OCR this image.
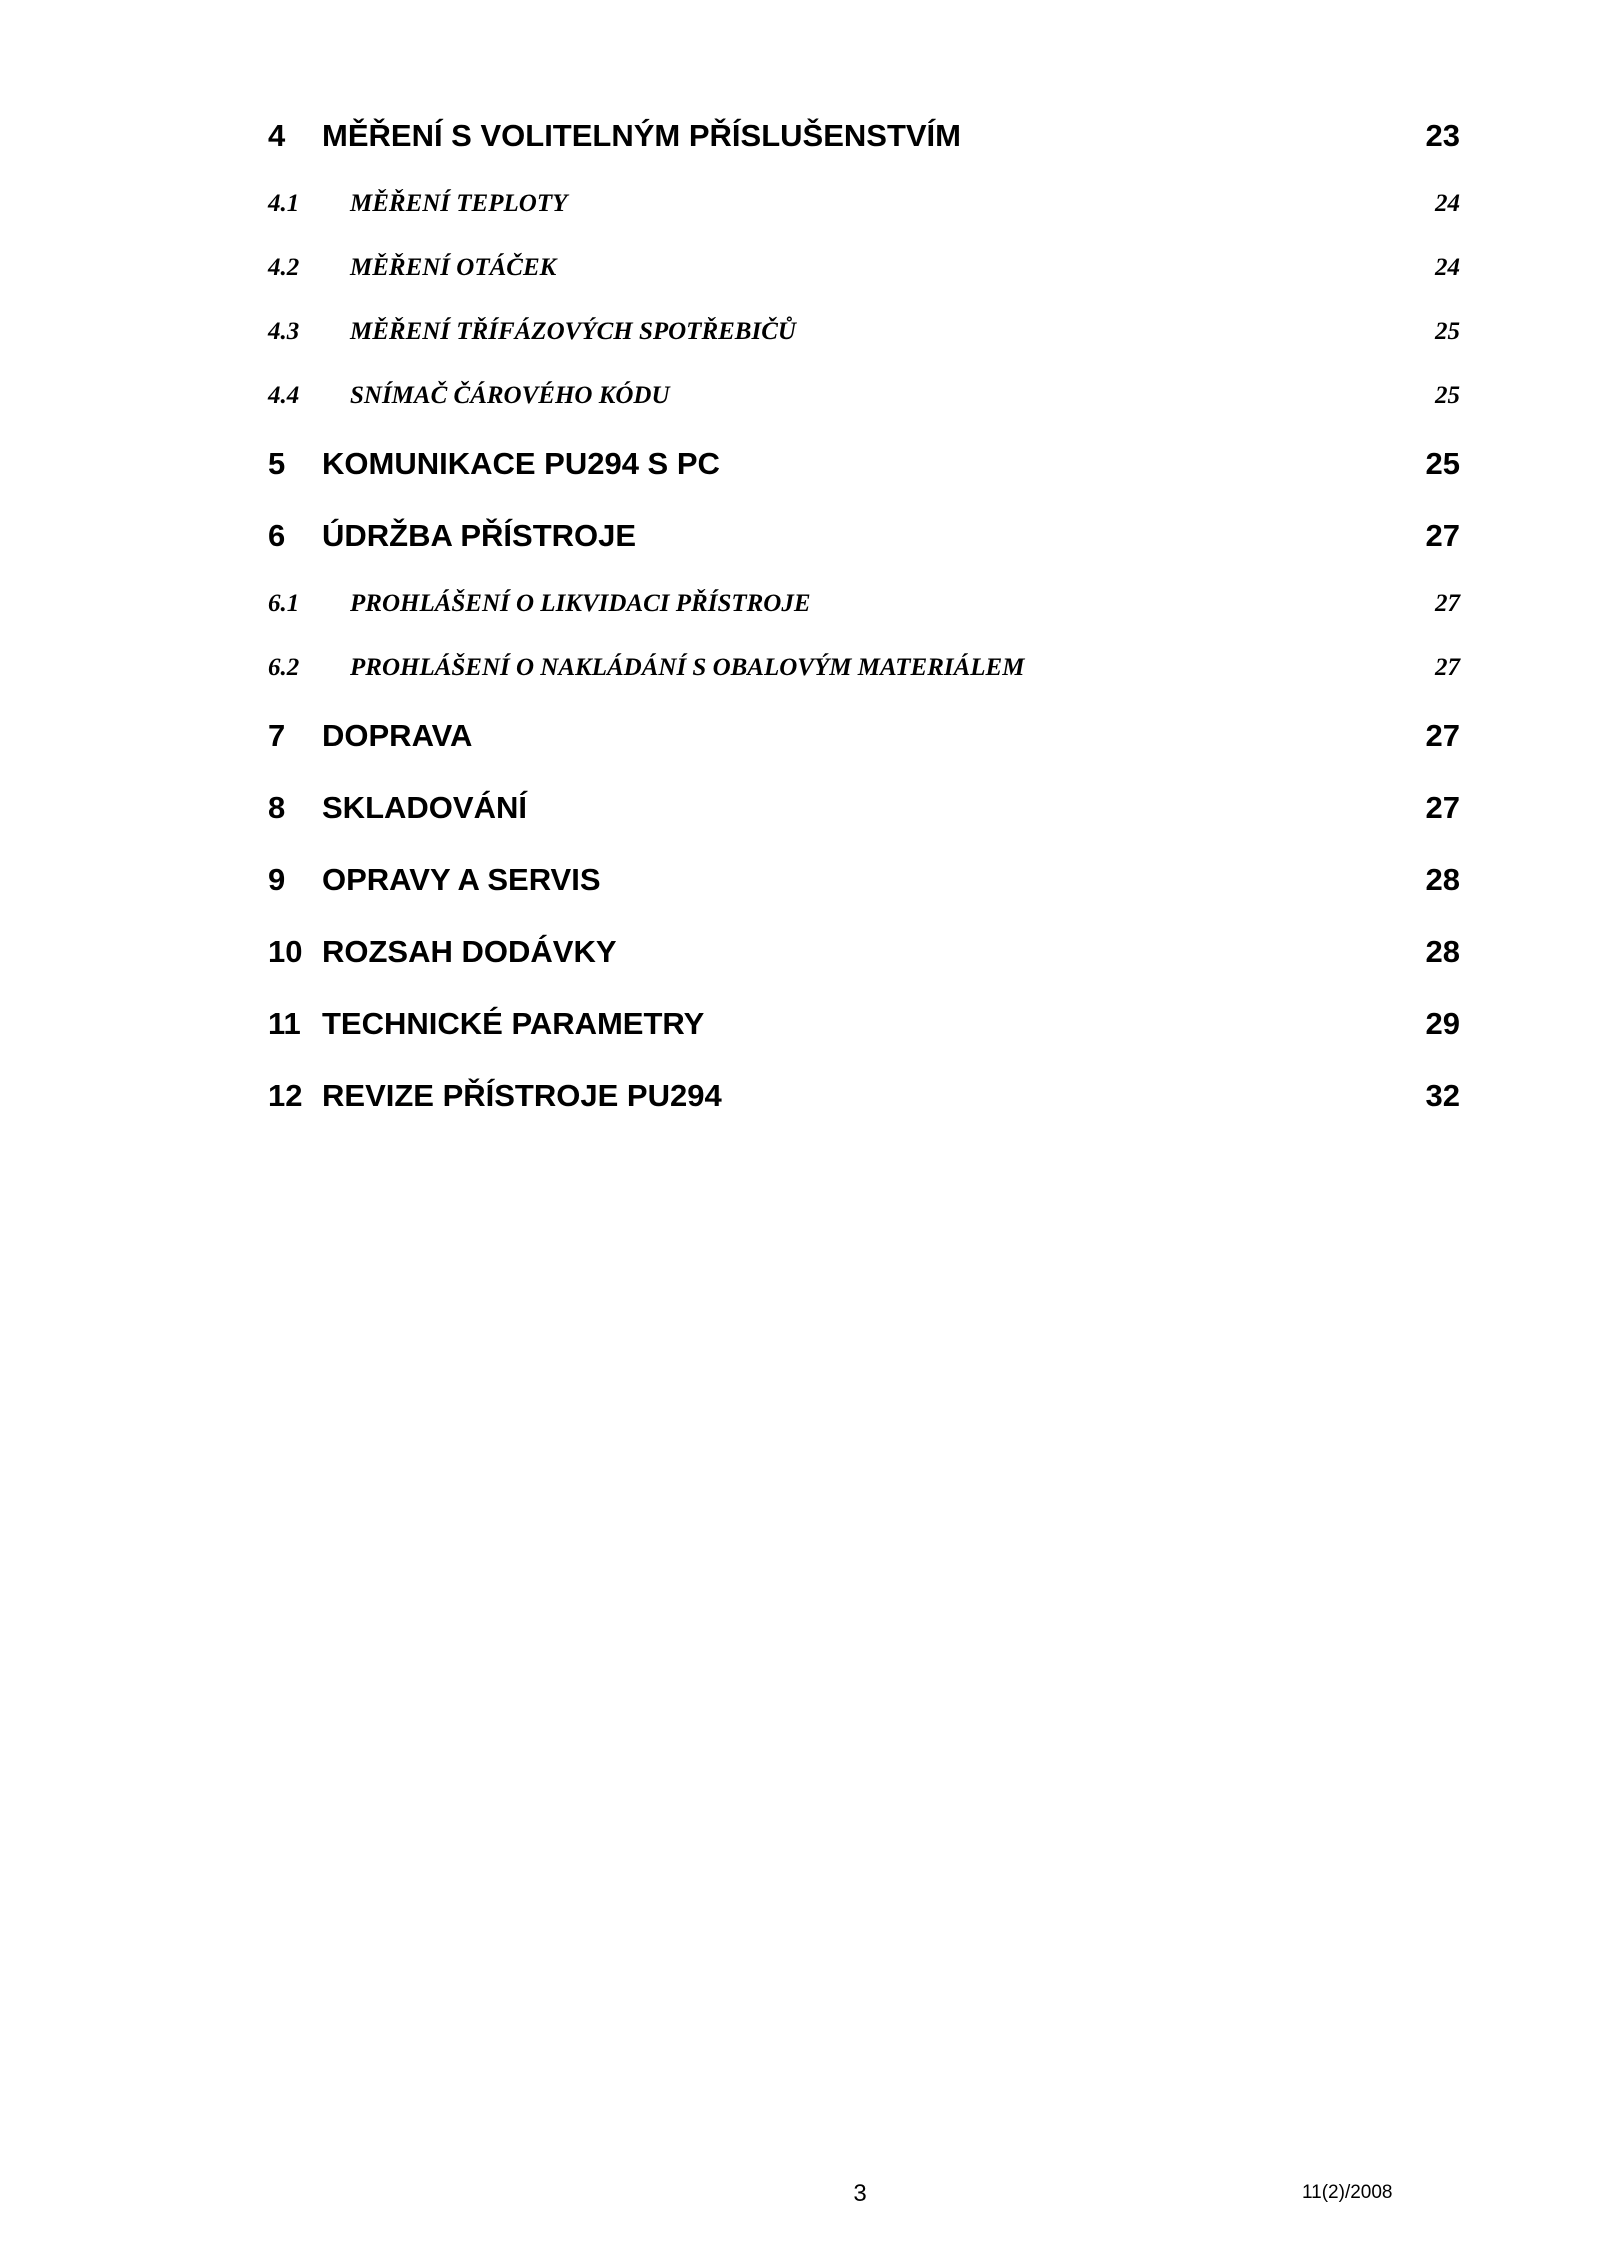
4	MĚŘENÍ S VOLITELNÝM PŘÍSLUŠENSTVÍM	23
4.1	MĚŘENÍ TEPLOTY	24
4.2	MĚŘENÍ OTÁČEK	24
4.3	MĚŘENÍ TŘÍFÁZOVÝCH SPOTŘEBIČŮ	25
4.4	SNÍMAČ ČÁROVÉHO KÓDU	25
5	KOMUNIKACE PU294 S PC	25
6	ÚDRŽBA PŘÍSTROJE	27
6.1	PROHLÁŠENÍ O LIKVIDACI PŘÍSTROJE	27
6.2	PROHLÁŠENÍ O NAKLÁDÁNÍ S OBALOVÝM MATERIÁLEM	27
7	DOPRAVA	27
8	SKLADOVÁNÍ	27
9	OPRAVY A SERVIS	28
10 ROZSAH DODÁVKY	28
11 TECHNICKÉ PARAMETRY	29
12 REVIZE PŘÍSTROJE PU294	32
3	11(2)/2008
